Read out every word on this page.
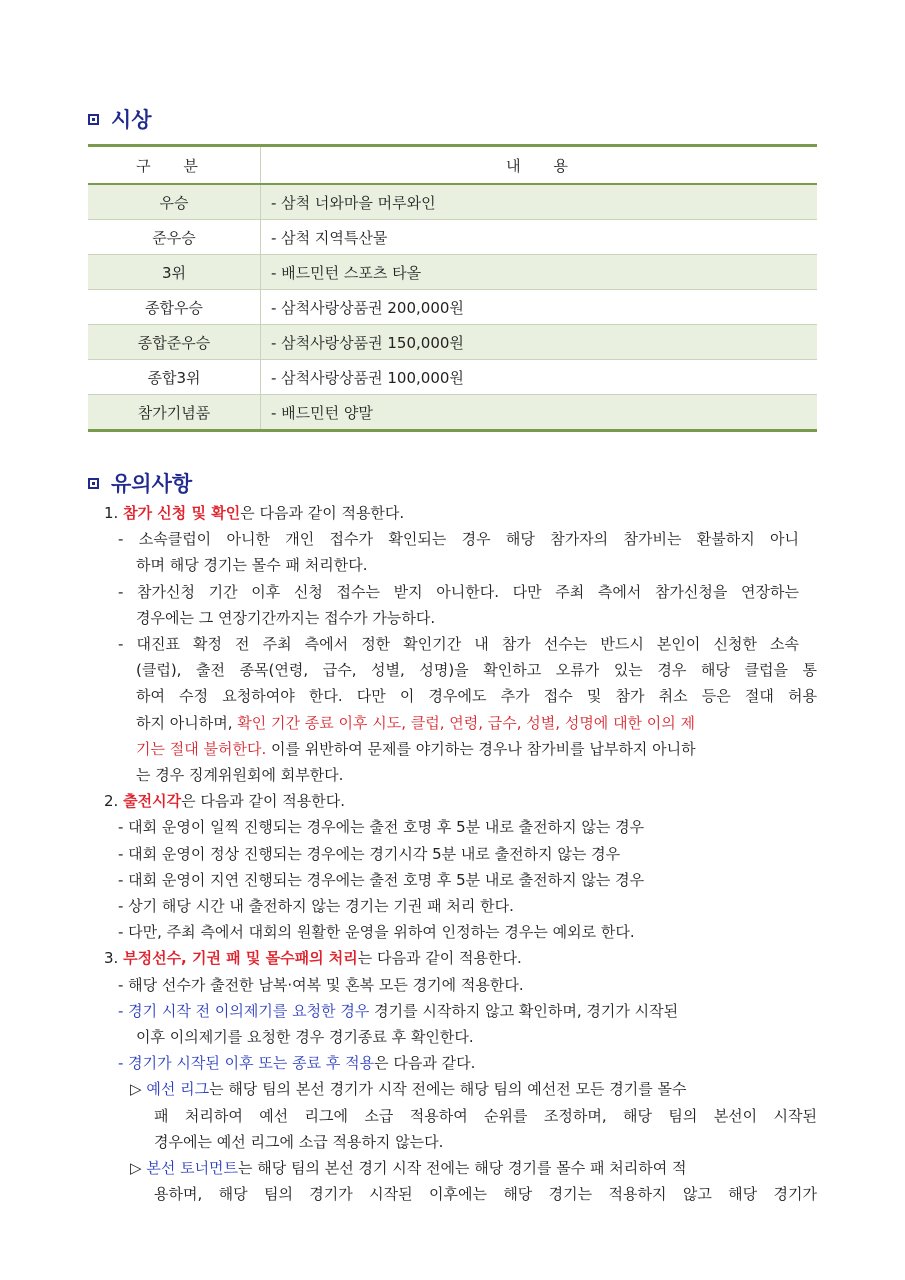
시상
구 분	내 용
우승	- 삼척 너와마을 머루와인
준우승	- 삼척 지역특산물
3위	- 배드민턴 스포츠 타올
종합우승	- 삼척사랑상품권 200,000원
종합준우승	- 삼척사랑상품권 150,000원
종합3위	- 삼척사랑상품권 100,000원
참가기념품	- 배드민턴 양말
유의사항
1. 참가 신청 및 확인은 다음과 같이 적용한다.
- 소속클럽이 아니한 개인 접수가 확인되는 경우 해당 참가자의 참가비는 환불하지 아니
하며 해당 경기는 몰수 패 처리한다.
- 참가신청 기간 이후 신청 접수는 받지 아니한다. 다만 주최 측에서 참가신청을 연장하는
경우에는 그 연장기간까지는 접수가 가능하다.
- 대진표 확정 전 주최 측에서 정한 확인기간 내 참가 선수는 반드시 본인이 신청한 소속
(클럽), 출전 종목(연령, 급수, 성별, 성명)을 확인하고 오류가 있는 경우 해당 클럽을 통
하여 수정 요청하여야 한다. 다만 이 경우에도 추가 접수 및 참가 취소 등은 절대 허용
하지 아니하며, 확인 기간 종료 이후 시도, 클럽, 연령, 급수, 성별, 성명에 대한 이의 제
기는 절대 불허한다. 이를 위반하여 문제를 야기하는 경우나 참가비를 납부하지 아니하
는 경우 징계위원회에 회부한다.
2. 출전시각은 다음과 같이 적용한다.
- 대회 운영이 일찍 진행되는 경우에는 출전 호명 후 5분 내로 출전하지 않는 경우
- 대회 운영이 정상 진행되는 경우에는 경기시각 5분 내로 출전하지 않는 경우
- 대회 운영이 지연 진행되는 경우에는 출전 호명 후 5분 내로 출전하지 않는 경우
- 상기 해당 시간 내 출전하지 않는 경기는 기권 패 처리 한다.
- 다만, 주최 측에서 대회의 원활한 운영을 위하여 인정하는 경우는 예외로 한다.
3. 부정선수, 기권 패 및 몰수패의 처리는 다음과 같이 적용한다.
- 해당 선수가 출전한 남복·여복 및 혼복 모든 경기에 적용한다.
- 경기 시작 전 이의제기를 요청한 경우 경기를 시작하지 않고 확인하며, 경기가 시작된
이후 이의제기를 요청한 경우 경기종료 후 확인한다.
- 경기가 시작된 이후 또는 종료 후 적용은 다음과 같다.
▷ 예선 리그는 해당 팀의 본선 경기가 시작 전에는 해당 팀의 예선전 모든 경기를 몰수
패 처리하여 예선 리그에 소급 적용하여 순위를 조정하며, 해당 팀의 본선이 시작된
경우에는 예선 리그에 소급 적용하지 않는다.
▷ 본선 토너먼트는 해당 팀의 본선 경기 시작 전에는 해당 경기를 몰수 패 처리하여 적
용하며, 해당 팀의 경기가 시작된 이후에는 해당 경기는 적용하지 않고 해당 경기가
